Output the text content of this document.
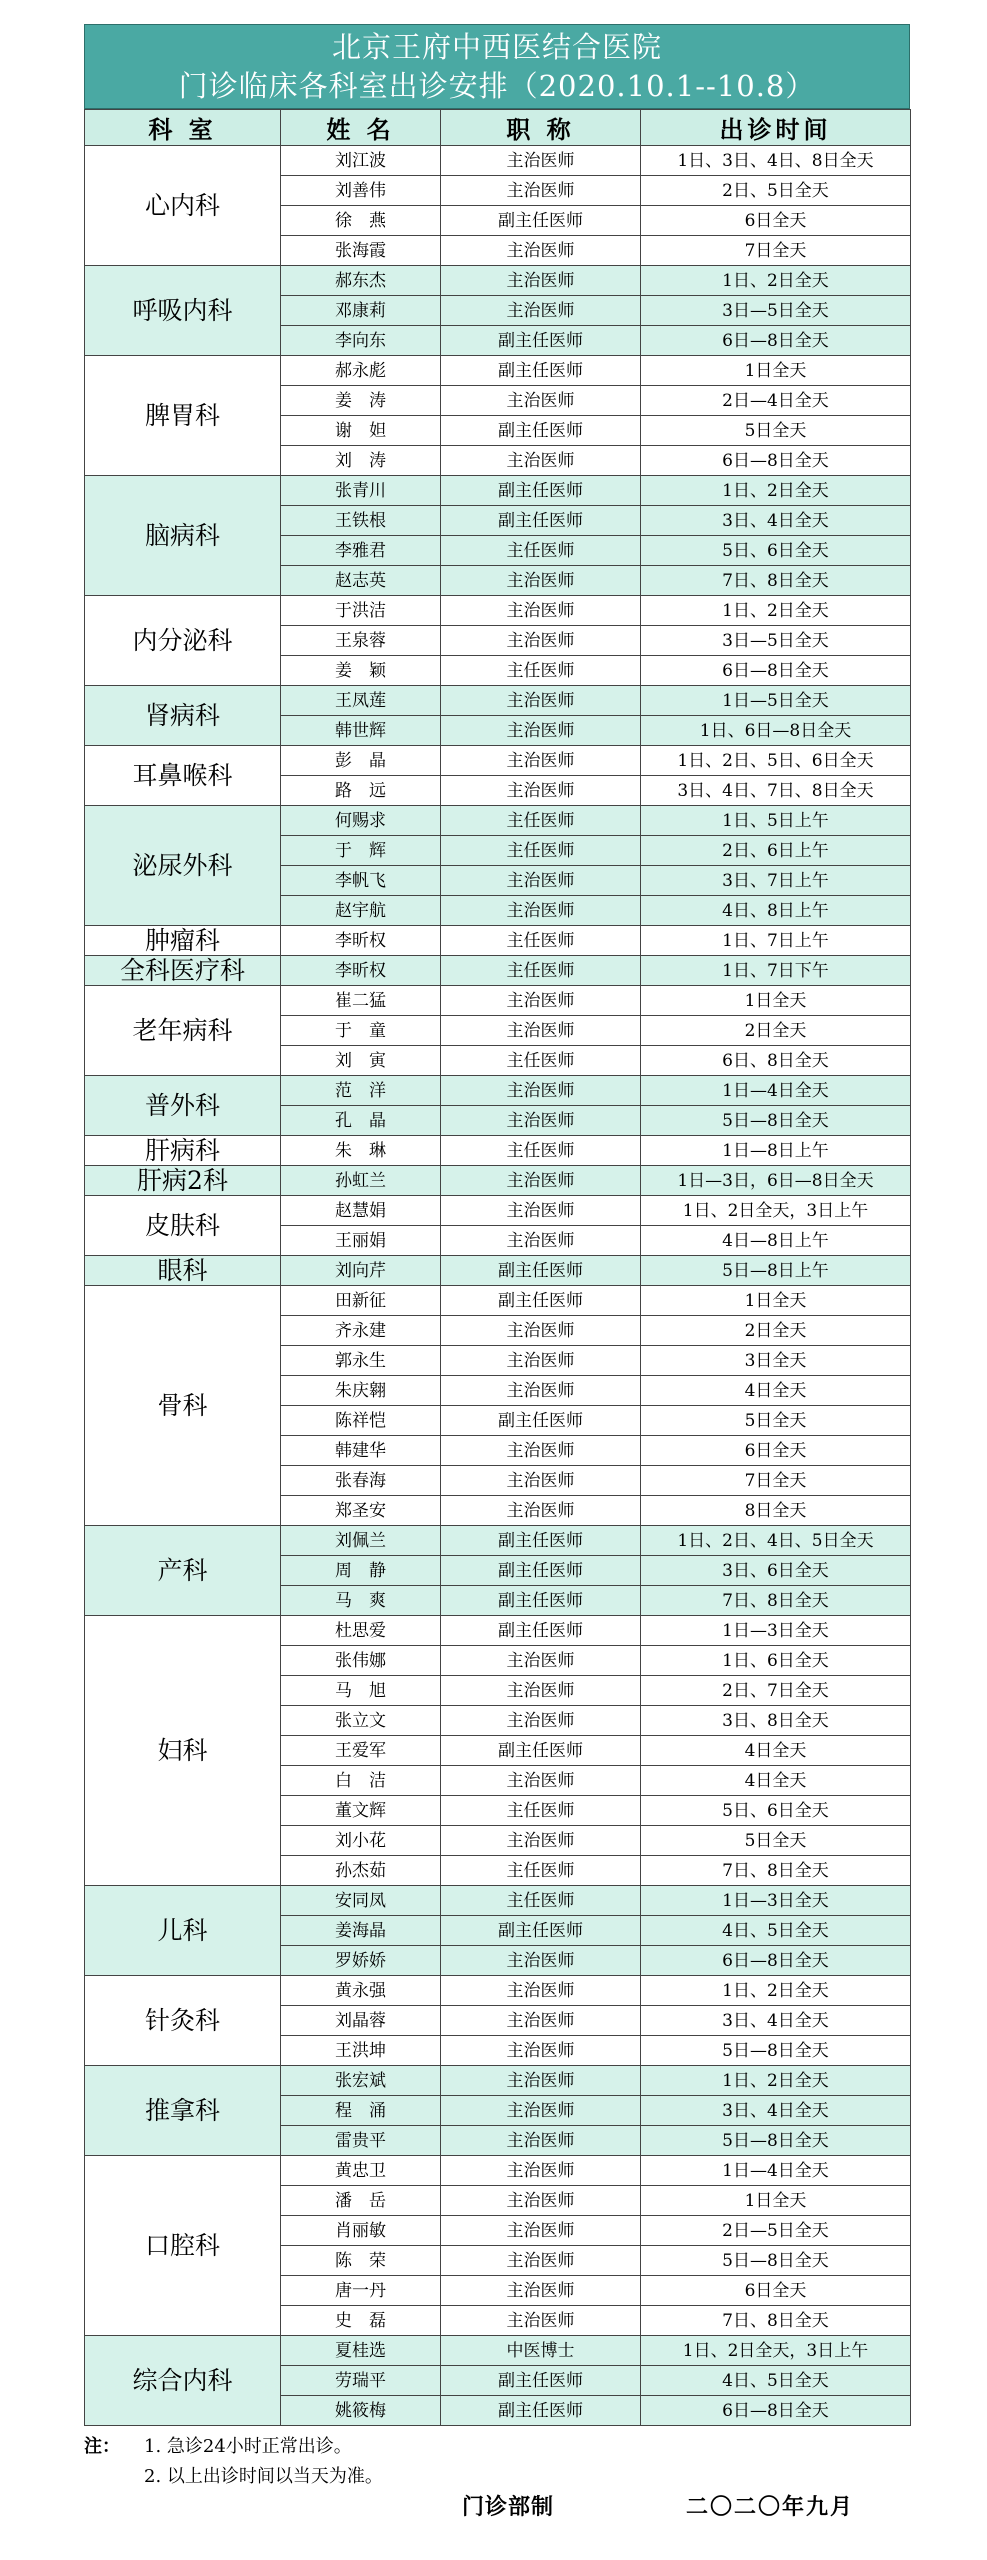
北京王府中西医结合医院
门诊临床各科室出诊安排（2020.10.1--10.8）
科 室	姓 名	职 称	出诊时间
心内科	刘江波	主治医师	1日、3日、4日、8日全天
	刘善伟	主治医师	2日、5日全天
	徐　燕	副主任医师	6日全天
	张海霞	主治医师	7日全天
呼吸内科	郝东杰	主治医师	1日、2日全天
	邓康莉	主治医师	3日—5日全天
	李向东	副主任医师	6日—8日全天
脾胃科	郝永彪	副主任医师	1日全天
	姜　涛	主治医师	2日—4日全天
	谢　妲	副主任医师	5日全天
	刘　涛	主治医师	6日—8日全天
脑病科	张青川	副主任医师	1日、2日全天
	王铁根	副主任医师	3日、4日全天
	李雅君	主任医师	5日、6日全天
	赵志英	主治医师	7日、8日全天
内分泌科	于洪洁	主治医师	1日、2日全天
	王泉蓉	主治医师	3日—5日全天
	姜　颖	主任医师	6日—8日全天
肾病科	王凤莲	主治医师	1日—5日全天
	韩世辉	主治医师	1日、6日—8日全天
耳鼻喉科	彭　晶	主治医师	1日、2日、5日、6日全天
	路　远	主治医师	3日、4日、7日、8日全天
泌尿外科	何赐求	主任医师	1日、5日上午
	于　辉	主任医师	2日、6日上午
	李帆飞	主治医师	3日、7日上午
	赵宇航	主治医师	4日、8日上午
肿瘤科	李昕权	主任医师	1日、7日上午
全科医疗科	李昕权	主任医师	1日、7日下午
老年病科	崔二猛	主治医师	1日全天
	于　童	主治医师	2日全天
	刘　寅	主任医师	6日、8日全天
普外科	范　洋	主治医师	1日—4日全天
	孔　晶	主治医师	5日—8日全天
肝病科	朱　琳	主任医师	1日—8日上午
肝病2科	孙虹兰	主治医师	1日—3日，6日—8日全天
皮肤科	赵慧娟	主治医师	1日、2日全天，3日上午
	王丽娟	主治医师	4日—8日上午
眼科	刘向芹	副主任医师	5日—8日上午
骨科	田新征	副主任医师	1日全天
	齐永建	主治医师	2日全天
	郭永生	主治医师	3日全天
	朱庆翱	主治医师	4日全天
	陈祥恺	副主任医师	5日全天
	韩建华	主治医师	6日全天
	张春海	主治医师	7日全天
	郑圣安	主治医师	8日全天
产科	刘佩兰	副主任医师	1日、2日、4日、5日全天
	周　静	副主任医师	3日、6日全天
	马　爽	副主任医师	7日、8日全天
妇科	杜思爱	副主任医师	1日—3日全天
	张伟娜	主治医师	1日、6日全天
	马　旭	主治医师	2日、7日全天
	张立文	主治医师	3日、8日全天
	王爱军	副主任医师	4日全天
	白　洁	主治医师	4日全天
	董文辉	主任医师	5日、6日全天
	刘小花	主治医师	5日全天
	孙杰茹	主任医师	7日、8日全天
儿科	安同凤	主任医师	1日—3日全天
	姜海晶	副主任医师	4日、5日全天
	罗娇娇	主治医师	6日—8日全天
针灸科	黄永强	主治医师	1日、2日全天
	刘晶蓉	主治医师	3日、4日全天
	王洪坤	主治医师	5日—8日全天
推拿科	张宏斌	主治医师	1日、2日全天
	程　涌	主治医师	3日、4日全天
	雷贵平	主治医师	5日—8日全天
口腔科	黄忠卫	主治医师	1日—4日全天
	潘　岳	主治医师	1日全天
	肖丽敏	主治医师	2日—5日全天
	陈　荣	主治医师	5日—8日全天
	唐一丹	主治医师	6日全天
	史　磊	主治医师	7日、8日全天
综合内科	夏桂选	中医博士	1日、2日全天，3日上午
	劳瑞平	副主任医师	4日、5日全天
	姚筱梅	副主任医师	6日—8日全天
注： 1. 急诊24小时正常出诊。
2. 以上出诊时间以当天为准。
门诊部制	二〇二〇年九月
